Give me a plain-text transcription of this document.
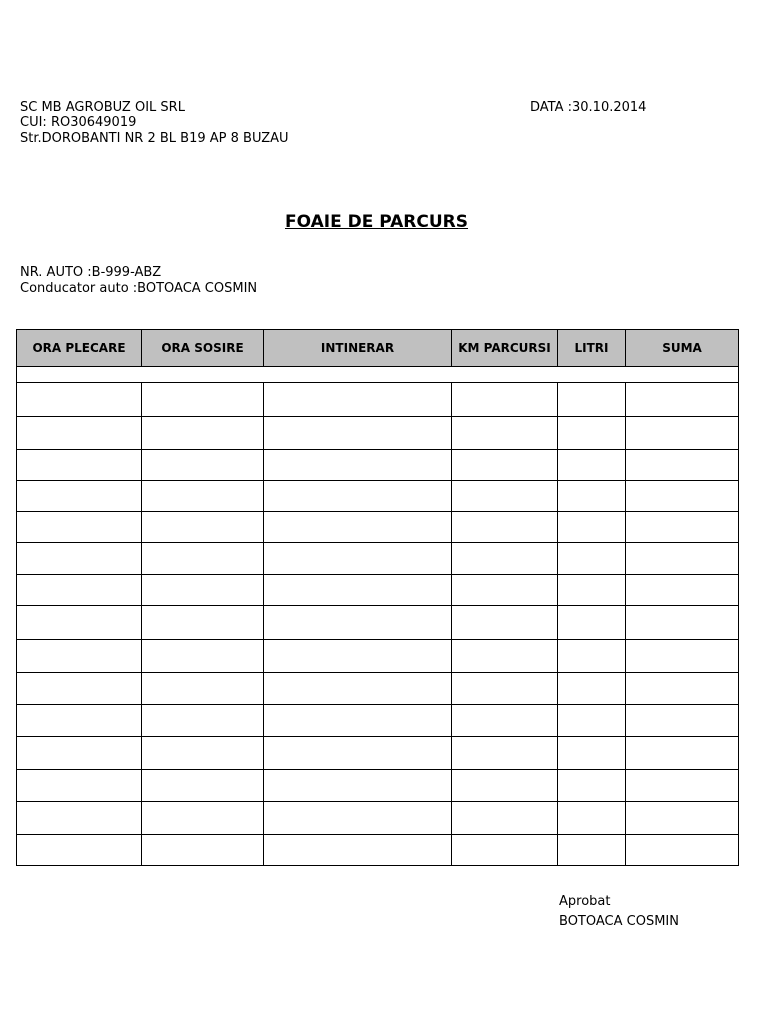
SC MB AGROBUZ OIL SRL
CUI: RO30649019
Str.DOROBANTI NR 2 BL B19 AP 8 BUZAU
DATA :30.10.2014
FOAIE DE PARCURS
NR. AUTO :B-999-ABZ
Conducator auto :BOTOACA COSMIN
ORA PLECARE	ORA SOSIRE	INTINERAR	KM PARCURSI	LITRI	SUMA

Aprobat
BOTOACA COSMIN
